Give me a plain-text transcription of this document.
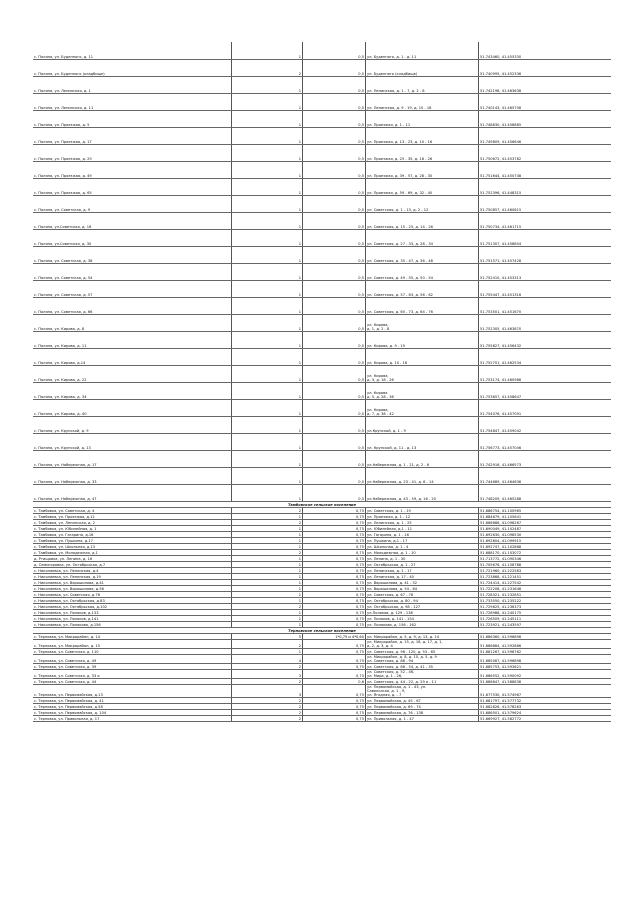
с. Поляна, ул. Буденного, д. 11	1	0,5	ул. Буденного, д. 1 - д. 11	51.743460, 41.455330

с. Поляна, ул. Буденного (кладбище)	2	0,5	ул. Буденного (кладбище)	51.740995, 41.452336

с. Поляна, ул. Ленинская, д. 1	1	0,5	ул. Ленинская, д. 1 - 7, д. 2 - 8	51.742198, 41.463638

с. Поляна, ул. Ленинская, д. 11	1	0,5	ул. Ленинская, д. 9 - 19, д. 10 - 18	51.740143, 41.465708

с. Поляна, ул. Проезжая, д. 5	1	0,5	ул. Проезжая, д. 1 - 11	51.748830, 41.458885

с. Поляна, ул. Проезжая, д. 17	1	0,5	ул. Проезжая, д. 13 - 23, д. 10 - 16	51.749809, 41.456646

с. Поляна, ул. Проезжая, д. 29	1	0,5	ул. Проезжая, д. 25 - 35, д. 18 - 26	51.750672, 41.453782

с. Поляна, ул. Проезжая, д. 49	1	0,5	ул. Проезжая, д. 39 - 57, д. 28 - 30	51.751644, 41.450748

с. Поляна, ул. Проезжая, д. 65	1	0,5	ул. Проезжая, д. 59 - 69, д. 32 - 40	51.752396, 41.448315

с. Поляна, ул. Советская, д. 9	1	0,5	ул. Советская, д. 1 - 13, д. 2 - 12	51.750857, 41.460615

с. Поляна, ул.Советская, д. 16	1	0,5	ул. Советская, д. 15 - 25, д. 14 - 26	51.750734, 41.461715

с. Поляна, ул.Советская, д. 30	1	0,5	ул. Советская, д. 27 - 33, д. 28 - 34	51.751307, 41.458804

с. Поляна, ул. Советская, д. 38	1	0,5	ул. Советская, д. 35 - 47, д. 36 - 48	51.751571, 41.457428

с. Поляна, ул. Советская, д. 54	1	0,5	ул. Советская, д. 49 - 55, д. 50 - 54	51.752410, 41.453313

с. Поляна, ул. Советская, д. 57	1	0,5	ул. Советская, д. 57 - 63, д. 56 - 62	51.755447, 41.451316

с. Поляна, ул. Советская, д. 66	1	0,5	ул. Советская, д. 65 - 73, д. 64 - 76	51.753501, 41.451670

с. Поляна, ул. Кирова, д. 8	1	0,5	ул. Кирова,
д. 1, д. 2 - 8	51.752305, 41.463870

с. Поляна, ул. Кирова, д. 11	1	0,5	ул. Кирова, д. 9 - 19	51.755827, 41.456432

с. Поляна, ул. Кирова, д.14	1	0,5	ул. Кирова, д. 10 - 16	51.752701, 41.462534

с. Поляна, ул. Кирова, д. 22	1	0,5	ул. Кирова,
д. 3, д. 18 - 26	51.753174, 41.460986

с. Поляна, ул. Кирова, д. 34	1	0,5	ул. Кирова
д. 5, д. 28 - 36	51.753657, 41.458647

с. Поляна, ул. Кирова, д. 40	1	0,5	ул. Кирова,
д. 7, д. 38 - 42	51.754076, 41.457091

с. Поляна, ул. Крупской, д. 9	1	0,5	ул.Крупской, д. 1 - 9	51.754847, 41.459042

с. Поляна, ул. Крупской, д. 13	1	0,5	ул. Крупской, д. 11 - д. 13	51.756773, 41.457046

с. Поляна, ул. Набережная, д. 17	1	0,5	ул.Набережная, д. 1 - 21, д. 2 - 6	51.742916, 41.466573

с. Поляна, ул. Набережная, д. 33	1	0,5	ул.Набережная, д. 23 - 41, д. 8 - 14	51.744689, 41.464636

с. Поляна, ул. Набережная, д. 47	1	0,5	ул.Набережная, д. 43 - 59, д. 16 - 20	51.748209, 41.465288

Тамбовское сельское поселение				

с. Тамбовка, ул. Советская, д. 4	2	0,75	ул. Советская, д. 1 - 19	51.686754, 41.100965

с. Тамбовка, ул. Проезжая, д.12	1	0,75	ул. Проезжая, д. 1 - 12	51.684679, 41.105641

с. Тамбовка, ул. Ленинская, д. 2	2	0,75	ул. Ленинская, д. 1 - 25	51.686686, 41.098267

с. Тамбовка, ул. Юбилейная, д. 1	1	0,75	ул. Юбилейная, д.1 - 11	51.690049, 41.102487

с. Тамбовка, ул. Гагарина, д.16	1	0,75	ул. Гагарина, д. 1 - 16	51.692630, 41.098530

с. Тамбовка, ул. Пушкина, д.17	1	0,75	ул. Пушкина, д.1 - 17	51.692804, 41.099915

с. Тамбовка, ул. Школьная, д.13	1	0,75	ул. Школьная, д. 1 - 4	51.692747, 41.102868

с. Тамбовка, ул. Молодежная, д.1	2	0,75	ул. Молодежная, д. 1 - 10	51.688170, 41.103072

д. Ртищовка, ул. Ленина, д. 16	1	0,75	ул. Ленина, д. 1 - 30	51.713772, 41.090346

д. Семигоровка, ул. Октябрьская, д.7	1	0,75	ул. Октябрьская, д. 1 - 27	51.705676, 41.158788

с. Николаевка, ул. Ленинская, д.4	1	0,75	ул. Ленинская, д. 1 - 17	51.721960, 41.222583

с. Николаевка, ул. Ленинская, д.19	1	0,75	ул. Ленинская, д. 17 - 40	51.723868, 41.221451

с. Николаевка, ул. Ворошилова, д.41	1	0,75	ул. Ворошилова, д. 41 - 52	51.724414, 41.227542

с. Николаевка, ул. Ворошилова, д.56	1	0,75	ул. Ворошилова, д. 54 - 64	51.722208, 41.231648

с. Николаевка, ул. Советская, д.76	1	0,75	ул. Советская, д. 67 - 78	51.728321, 41.232851

с. Николаевка, ул. Октябрьская, д.83	1	0,75	ул. Октябрьская, д. 80 - 94	51.733550, 41.235222

с. Николаевка, ул. Октябрьская, д.102	2	0,75	ул. Октябрьская, д. 98 - 127	51.729625, 41.236373

с. Николаевка, ул. Поляков, д.133	1	0,75	ул.Поляков, д. 129 - 138	51.728988, 41.240175

с. Николаевка, ул. Поляков, д.141	1	0,75	ул. Поляков, д. 141 - 154	51.726509, 41.245111

с. Николаевка, ул. Полякова, д.156	1	0,75	ул. Полякова, д. 156 - 162	51.723921, 41.243597

Терновское сельское поселение				

с. Терновка, ул. Микрорайон, д. 14	5	1*0,75 и 4*0,60	ул. Микрорайон, д. 5, д. 9, д. 13, д. 14	51.686360, 41.596896

с. Терновка, ул. Микрорайон, д. 15	2	0,75	ул. Микрорайон, д. 15, д. 16, д. 17, д. 1,
д. 2, д. 3, д. 4	51.686684, 41.592866

с. Терновка, ул. Советская, д. 110	1	0,75	ул. Советская, д. 96 - 120, д. 53 - 65	51.681267, 41.598762

с. Терновка, ул. Советская, д. 49	4	0,75	ул. Микрорайон, д. 8, д. 10, д. 5, д. 9
ул. Советская, д. 88 - 94	51.685067, 41.596898

с. Терновка, ул. Советская, д. 39	2	0,75	ул. Советская, д. 68 - 54, д. 41 - 35	51.685753, 41.593621

с. Терновка, ул. Советская, д. 33 а	3	0,75	ул. Советская, д. 52 - 46,
ул. Мира, д. 1 - 26,	51.686552, 41.590092

с. Терновка, ул. Советская, д. 44	2	0,6	ул. Советская, д. 44 - 22, д. 29 а - 11	51.686647, 41.588838

с. Терновка, ул. Первомайская, д.13	3	0,75	ул. Первомайская, д. 1 - 43, ул.
Савельская, д. 1 - 9,
ул. Ягодная, д. - 7	51.677530, 41.574967

с. Терновка, ул. Первомайская, д. 41	2	0,75	ул. Первомайская, д. 45 - 67	51.681797, 41.577732

с. Терновка, ул. Первомайская, д.58	2	0,75	ул. Первомайская, д. 69 - 74	51.682826, 41.578263

с. Терновка, ул. Первомайская, д. 104	2	0,75	ул. Первомайская, д. 76 - 138	51.686501, 41.579624

с. Терновка, ул. Привольная, д. 17	2	0,75	ул. Привольная, д. 1 - 47	51.669927, 41.582772
